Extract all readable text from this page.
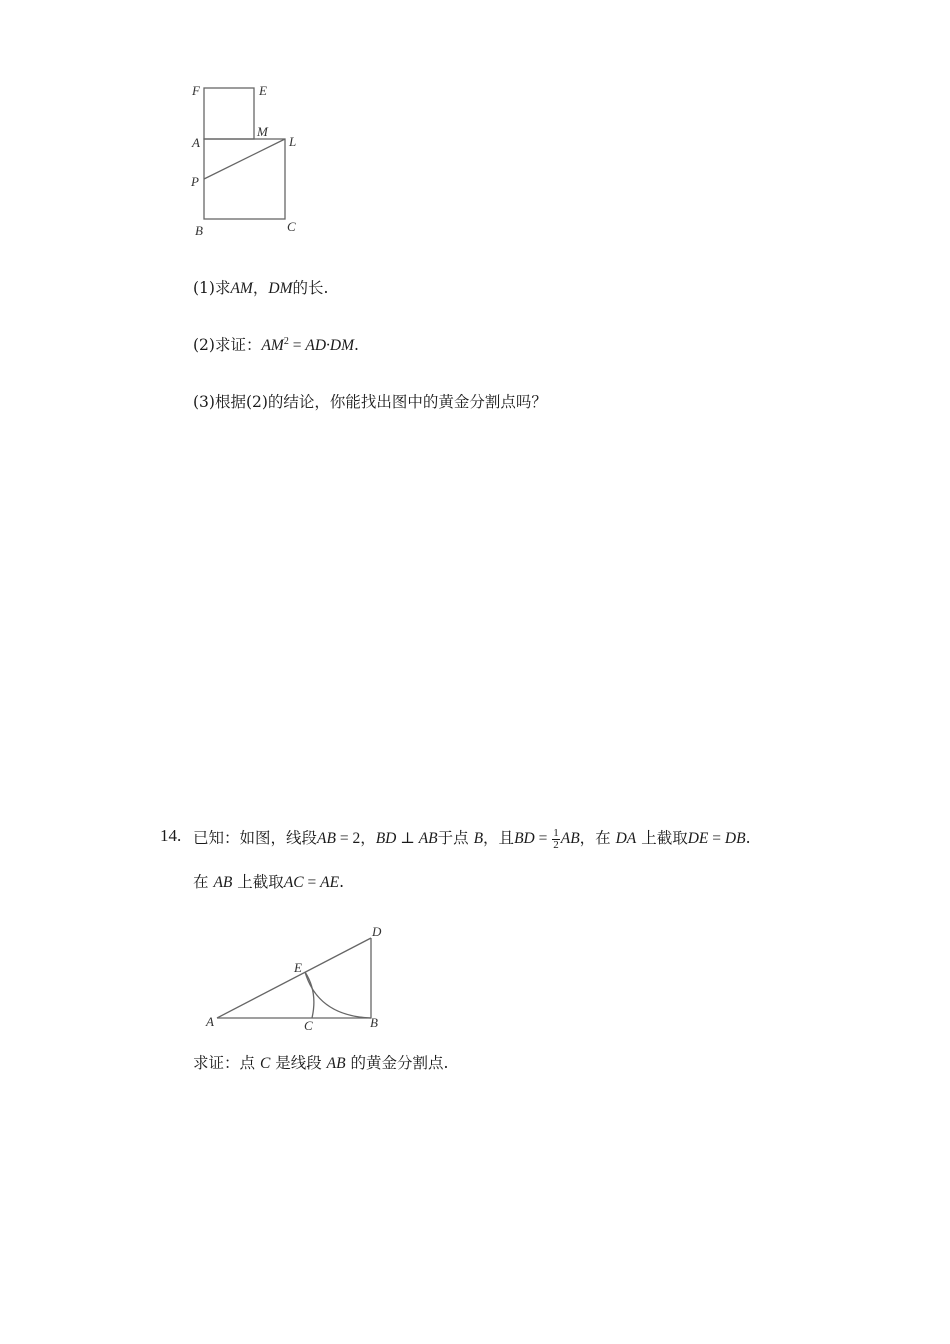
F	E
A
M
L
P
B	C
(1)求AM，DM的长.
(2)求证：$AM^2 = AD\cdot DM$.
(3)根据(2)的结论，你能找出图中的黄金分割点吗？
14. 已知：如图，线段AB = 2，BD ⊥ AB于点 B，且BD = $\frac{1}{2}$ AB，在 DA 上截取DE = DB.
在 AB 上截取AC = AE.
A	C	B
E
D
求证：点 C 是线段 AB 的黄金分割点.
